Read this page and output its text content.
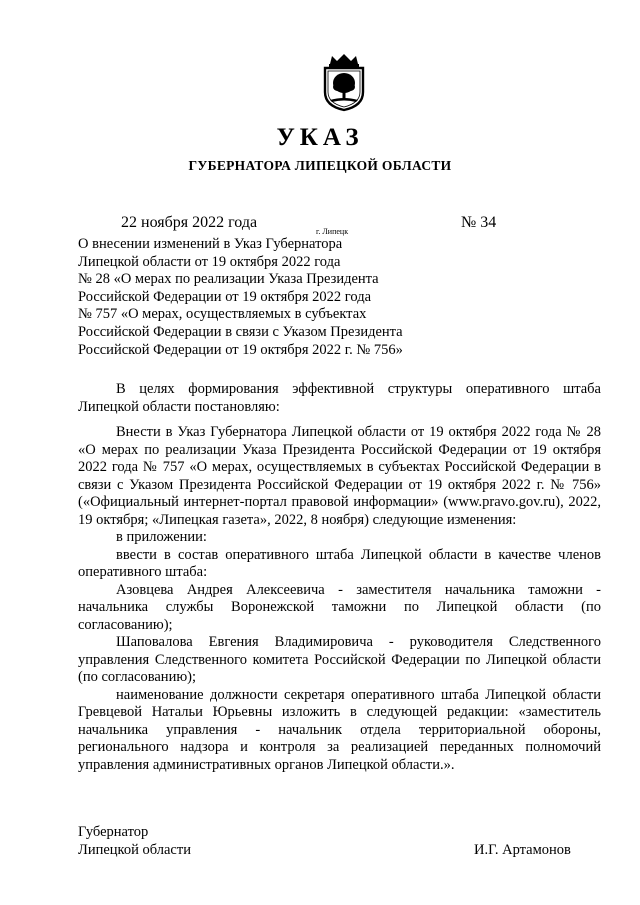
УКАЗ
ГУБЕРНАТОРА ЛИПЕЦКОЙ ОБЛАСТИ
22 ноября 2022 года
г. Липецк
№ 34
О внесении изменений в Указ Губернатора
Липецкой области от 19 октября 2022 года
№ 28 «О мерах по реализации Указа Президента
Российской Федерации от 19 октября 2022 года
№ 757 «О мерах, осуществляемых в субъектах
Российской Федерации в связи с Указом Президента
Российской Федерации от 19 октября 2022 г. № 756»

В целях формирования эффективной структуры оперативного штаба Липецкой области постановляю:

Внести в Указ Губернатора Липецкой области от 19 октября 2022 года № 28 «О мерах по реализации Указа Президента Российской Федерации от 19 октября 2022 года № 757 «О мерах, осуществляемых в субъектах Российской Федерации в связи с Указом Президента Российской Федерации от 19 октября 2022 г. № 756» («Официальный интернет-портал правовой информации» (www.pravo.gov.ru), 2022, 19 октября; «Липецкая газета», 2022, 8 ноября) следующие изменения:

в приложении:

ввести в состав оперативного штаба Липецкой области в качестве членов оперативного штаба:

Азовцева Андрея Алексеевича - заместителя начальника таможни - начальника службы Воронежской таможни по Липецкой области (по согласованию);

Шаповалова Евгения Владимировича - руководителя Следственного управления Следственного комитета Российской Федерации по Липецкой области (по согласованию);

наименование должности секретаря оперативного штаба Липецкой области Гревцевой Натальи Юрьевны изложить в следующей редакции: «заместитель начальника управления - начальник отдела территориальной обороны, регионального надзора и контроля за реализацией переданных полномочий управления административных органов Липецкой области.».

Губернатор
Липецкой области	И.Г. Артамонов
